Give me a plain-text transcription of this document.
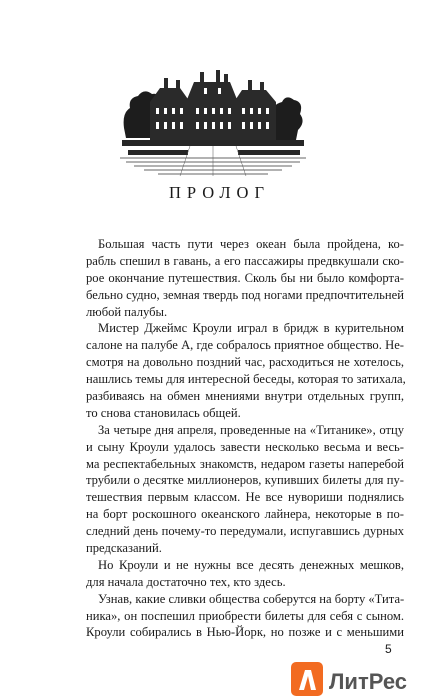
ПРОЛОГ
Большая часть пути через океан была пройдена, ко-
рабль спешил в гавань, а его пассажиры предвкушали ско-
рое окончание путешествия. Сколь бы ни было комфорта-
бельно судно, земная твердь под ногами предпочтительней
любой палубы.
Мистер Джеймс Кроули играл в бридж в курительном
салоне на палубе А, где собралось приятное общество. Не-
смотря на довольно поздний час, расходиться не хотелось,
нашлись темы для интересной беседы, которая то затихала,
разбиваясь на обмен мнениями внутри отдельных групп,
то снова становилась общей.
За четыре дня апреля, проведенные на «Титанике», отцу
и сыну Кроули удалось завести несколько весьма и весь-
ма респектабельных знакомств, недаром газеты наперебой
трубили о десятке миллионеров, купивших билеты для пу-
тешествия первым классом. Не все нувориши поднялись
на борт роскошного океанского лайнера, некоторые в по-
следний день почему-то передумали, испугавшись дурных
предсказаний.
Но Кроули и не нужны все десять денежных мешков,
для начала достаточно тех, кто здесь.
Узнав, какие сливки общества соберутся на борту «Тита-
ника», он поспешил приобрести билеты для себя с сыном.
Кроули собирались в Нью-Йорк, но позже и с меньшими
5
ЛитРес
